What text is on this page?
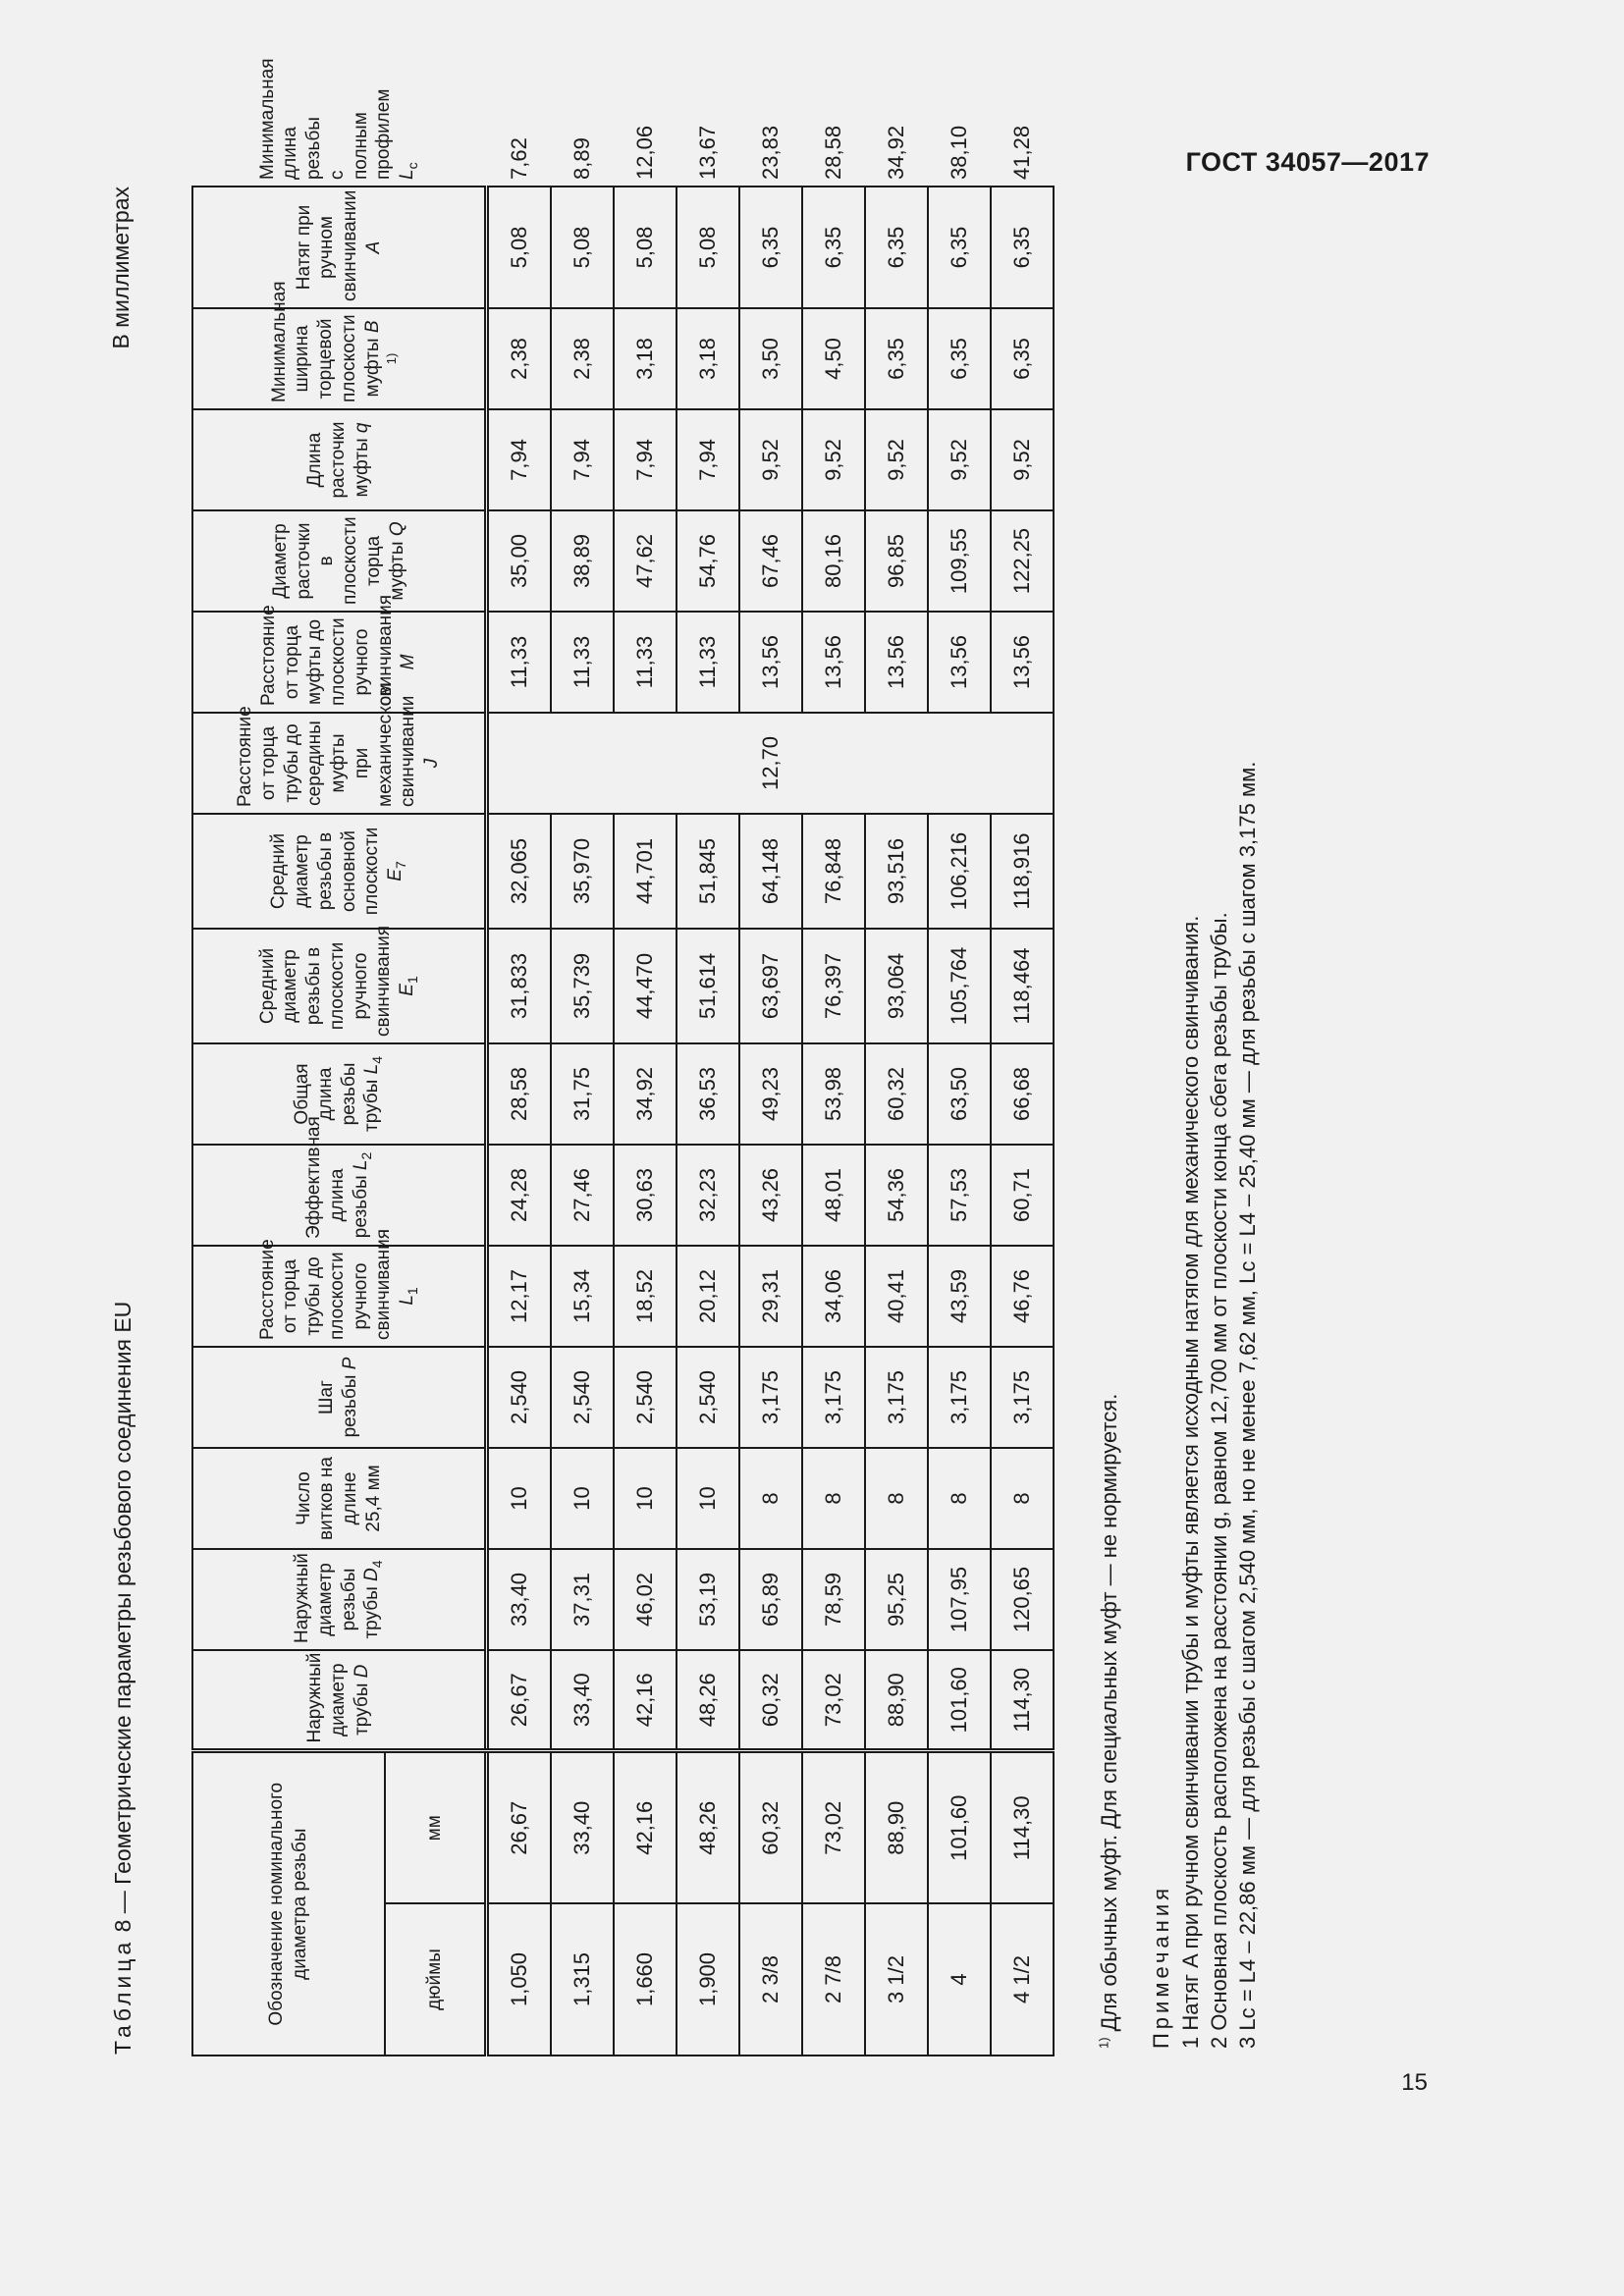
ГОСТ 34057—2017
15
Таблица 8 — Геометрические параметры резьбового соединения EU
В миллиметрах
Обозначение номинального диаметра резьбы		Наружный диаметр трубы D	Наружный диаметр резьбы трубы $D_4$	Число витков на длине 25,4 мм	Шаг резьбы P	Расстояние от торца трубы до плоскости ручного свинчивания $L_1$	Эффективная длина резьбы $L_2$	Общая длина резьбы трубы $L_4$	Средний диаметр резьбы в плоскости ручного свинчивания $E_1$	Средний диаметр резьбы в основной плоскости $E_7$	Расстояние от торца трубы до середины муфты при механическом свинчивании J	Расстояние от торца муфты до плоскости ручного свинчивания M	Диаметр расточки в плоскости торца муфты Q	Длина расточки муфты q	Минимальная ширина торцевой плоскости муфты B $^{1)}$	Натяг при ручном свинчивании A	Минимальная длина резьбы с полным профилем $L_c$
дюймы	мм																
1,050	26,67	26,67	33,40	10	2,540	12,17	24,28	28,58	31,833	32,065	12,70	11,33	35,00	7,94	2,38	5,08	7,62
1,315	33,40	33,40	37,31	10	2,540	15,34	27,46	31,75	35,739	35,970		11,33	38,89	7,94	2,38	5,08	8,89
1,660	42,16	42,16	46,02	10	2,540	18,52	30,63	34,92	44,470	44,701		11,33	47,62	7,94	3,18	5,08	12,06
1,900	48,26	48,26	53,19	10	2,540	20,12	32,23	36,53	51,614	51,845		11,33	54,76	7,94	3,18	5,08	13,67
2 3/8	60,32	60,32	65,89	8	3,175	29,31	43,26	49,23	63,697	64,148		13,56	67,46	9,52	3,50	6,35	23,83
2 7/8	73,02	73,02	78,59	8	3,175	34,06	48,01	53,98	76,397	76,848		13,56	80,16	9,52	4,50	6,35	28,58
3 1/2	88,90	88,90	95,25	8	3,175	40,41	54,36	60,32	93,064	93,516		13,56	96,85	9,52	6,35	6,35	34,92
4	101,60	101,60	107,95	8	3,175	43,59	57,53	63,50	105,764	106,216		13,56	109,55	9,52	6,35	6,35	38,10
4 1/2	114,30	114,30	120,65	8	3,175	46,76	60,71	66,68	118,464	118,916		13,56	122,25	9,52	6,35	6,35	41,28
$^{1)}$ Для обычных муфт. Для специальных муфт — не нормируется. Примечания 1 Натяг A при ручном свинчивании трубы и муфты является исходным натягом для механического свинчивания. 2 Основная плоскость расположена на расстоянии g, равном 12,700 мм от плоскости конца сбега резьбы трубы. 3 Lc = L4 – 22,86 мм — для резьбы с шагом 2,540 мм, но не менее 7,62 мм, Lc = L4 – 25,40 мм — для резьбы с шагом 3,175 мм.
